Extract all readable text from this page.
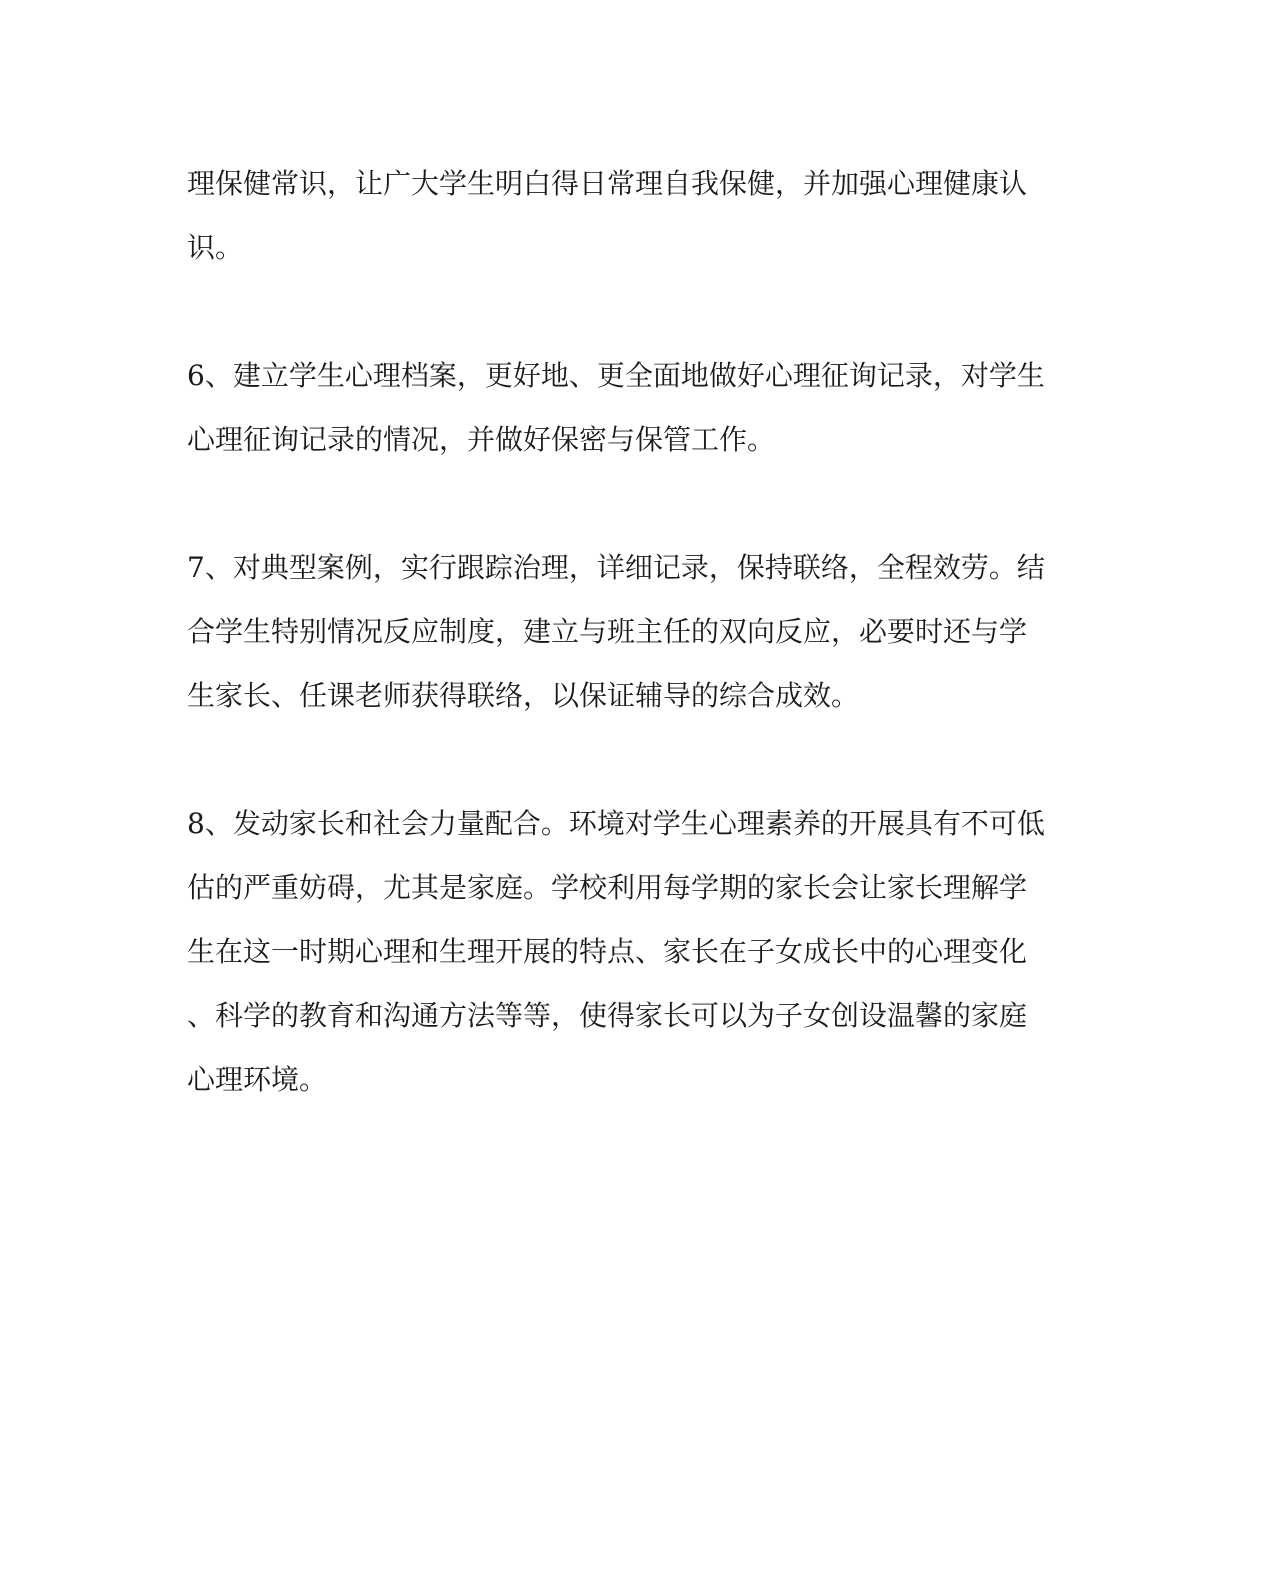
理保健常识，让广大学生明白得日常理自我保健，并加强心理健康认
识。
6、建立学生心理档案，更好地、更全面地做好心理征询记录，对学生
心理征询记录的情况，并做好保密与保管工作。
7、对典型案例，实行跟踪治理，详细记录，保持联络，全程效劳。结
合学生特别情况反应制度，建立与班主任的双向反应，必要时还与学
生家长、任课老师获得联络，以保证辅导的综合成效。
8、发动家长和社会力量配合。环境对学生心理素养的开展具有不可低
估的严重妨碍，尤其是家庭。学校利用每学期的家长会让家长理解学
生在这一时期心理和生理开展的特点、家长在子女成长中的心理变化
、科学的教育和沟通方法等等，使得家长可以为子女创设温馨的家庭
心理环境。
